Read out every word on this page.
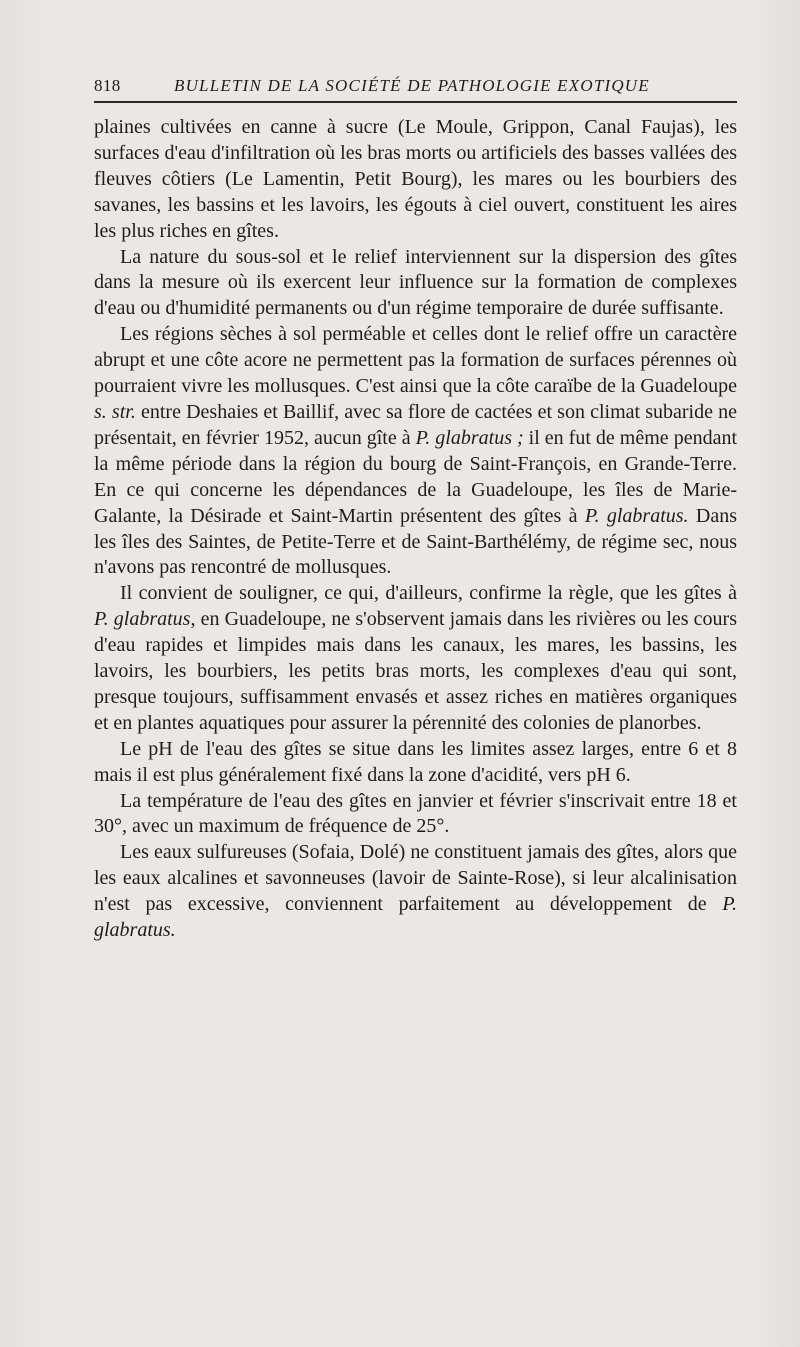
818	BULLETIN DE LA SOCIÉTÉ DE PATHOLOGIE EXOTIQUE

plaines cultivées en canne à sucre (Le Moule, Grippon, Canal Faujas), les surfaces d'eau d'infiltration où les bras morts ou artificiels des basses vallées des fleuves côtiers (Le Lamentin, Petit Bourg), les mares ou les bourbiers des savanes, les bassins et les lavoirs, les égouts à ciel ouvert, constituent les aires les plus riches en gîtes.

La nature du sous-sol et le relief interviennent sur la dispersion des gîtes dans la mesure où ils exercent leur influence sur la formation de complexes d'eau ou d'humidité permanents ou d'un régime temporaire de durée suffisante.

Les régions sèches à sol perméable et celles dont le relief offre un caractère abrupt et une côte acore ne permettent pas la formation de surfaces pérennes où pourraient vivre les mollusques. C'est ainsi que la côte caraïbe de la Guadeloupe s. str. entre Deshaies et Baillif, avec sa flore de cactées et son climat subaride ne présentait, en février 1952, aucun gîte à P. glabratus ; il en fut de même pendant la même période dans la région du bourg de Saint-François, en Grande-Terre. En ce qui concerne les dépendances de la Guadeloupe, les îles de Marie-Galante, la Désirade et Saint-Martin présentent des gîtes à P. glabratus. Dans les îles des Saintes, de Petite-Terre et de Saint-Barthélémy, de régime sec, nous n'avons pas rencontré de mollusques.

Il convient de souligner, ce qui, d'ailleurs, confirme la règle, que les gîtes à P. glabratus, en Guadeloupe, ne s'observent jamais dans les rivières ou les cours d'eau rapides et limpides mais dans les canaux, les mares, les bassins, les lavoirs, les bourbiers, les petits bras morts, les complexes d'eau qui sont, presque toujours, suffisamment envasés et assez riches en matières organiques et en plantes aquatiques pour assurer la pérennité des colonies de planorbes.

Le pH de l'eau des gîtes se situe dans les limites assez larges, entre 6 et 8 mais il est plus généralement fixé dans la zone d'acidité, vers pH 6.

La température de l'eau des gîtes en janvier et février s'inscrivait entre 18 et 30°, avec un maximum de fréquence de 25°.

Les eaux sulfureuses (Sofaia, Dolé) ne constituent jamais des gîtes, alors que les eaux alcalines et savonneuses (lavoir de Sainte-Rose), si leur alcalinisation n'est pas excessive, conviennent parfaitement au développement de P. glabratus.
